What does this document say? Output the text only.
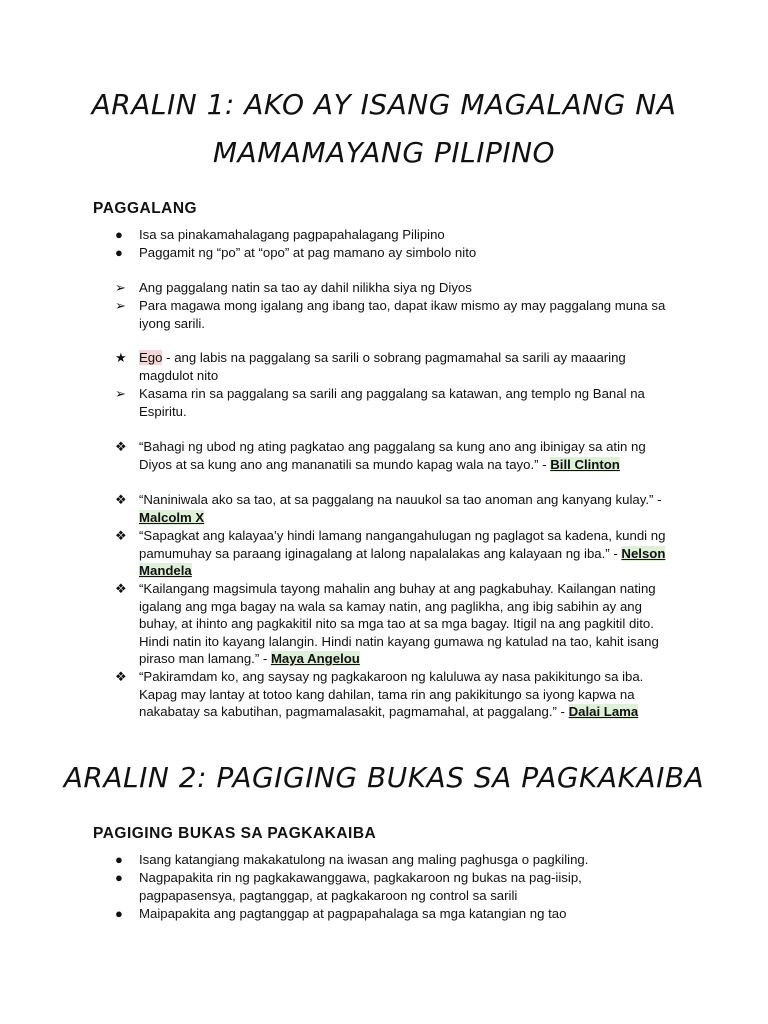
ARALIN 1: AKO AY ISANG MAGALANG NA
MAMAMAYANG PILIPINO
PAGGALANG
●	Isa sa pinakamahalagang pagpapahalagang Pilipino
●	Paggamit ng “po” at “opo” at pag mamano ay simbolo nito
➢ Ang paggalang natin sa tao ay dahil nilikha siya ng Diyos
➢ Para magawa mong igalang ang ibang tao, dapat ikaw mismo ay may paggalang muna sa iyong sarili.
★ Ego - ang labis na paggalang sa sarili o sobrang pagmamahal sa sarili ay maaaring magdulot nito
➢ Kasama rin sa paggalang sa sarili ang paggalang sa katawan, ang templo ng Banal na Espiritu.
❖ “Bahagi ng ubod ng ating pagkatao ang paggalang sa kung ano ang ibinigay sa atin ng Diyos at sa kung ano ang mananatili sa mundo kapag wala na tayo.” - Bill Clinton
❖ “Naniniwala ako sa tao, at sa paggalang na nauukol sa tao anoman ang kanyang kulay.” - Malcolm X
❖ “Sapagkat ang kalayaa’y hindi lamang nangangahulugan ng paglagot sa kadena, kundi ng pamumuhay sa paraang iginagalang at lalong napalalakas ang kalayaan ng iba.” - Nelson Mandela
❖ “Kailangang magsimula tayong mahalin ang buhay at ang pagkabuhay. Kailangan nating igalang ang mga bagay na wala sa kamay natin, ang paglikha, ang ibig sabihin ay ang buhay, at ihinto ang pagkakitil nito sa mga tao at sa mga bagay. Itigil na ang pagkitil dito. Hindi natin ito kayang lalangin. Hindi natin kayang gumawa ng katulad na tao, kahit isang piraso man lamang.” - Maya Angelou
❖ “Pakiramdam ko, ang saysay ng pagkakaroon ng kaluluwa ay nasa pakikitungo sa iba. Kapag may lantay at totoo kang dahilan, tama rin ang pakikitungo sa iyong kapwa na nakabatay sa kabutihan, pagmamalasakit, pagmamahal, at paggalang.” - Dalai Lama
ARALIN 2: PAGIGING BUKAS SA PAGKAKAIBA
PAGIGING BUKAS SA PAGKAKAIBA
●	Isang katangiang makakatulong na iwasan ang maling paghusga o pagkiling.
●	Nagpapakita rin ng pagkakawanggawa, pagkakaroon ng bukas na pag-iisip, pagpapasensya, pagtanggap, at pagkakaroon ng control sa sarili
●	Maipapakita ang pagtanggap at pagpapahalaga sa mga katangian ng tao
